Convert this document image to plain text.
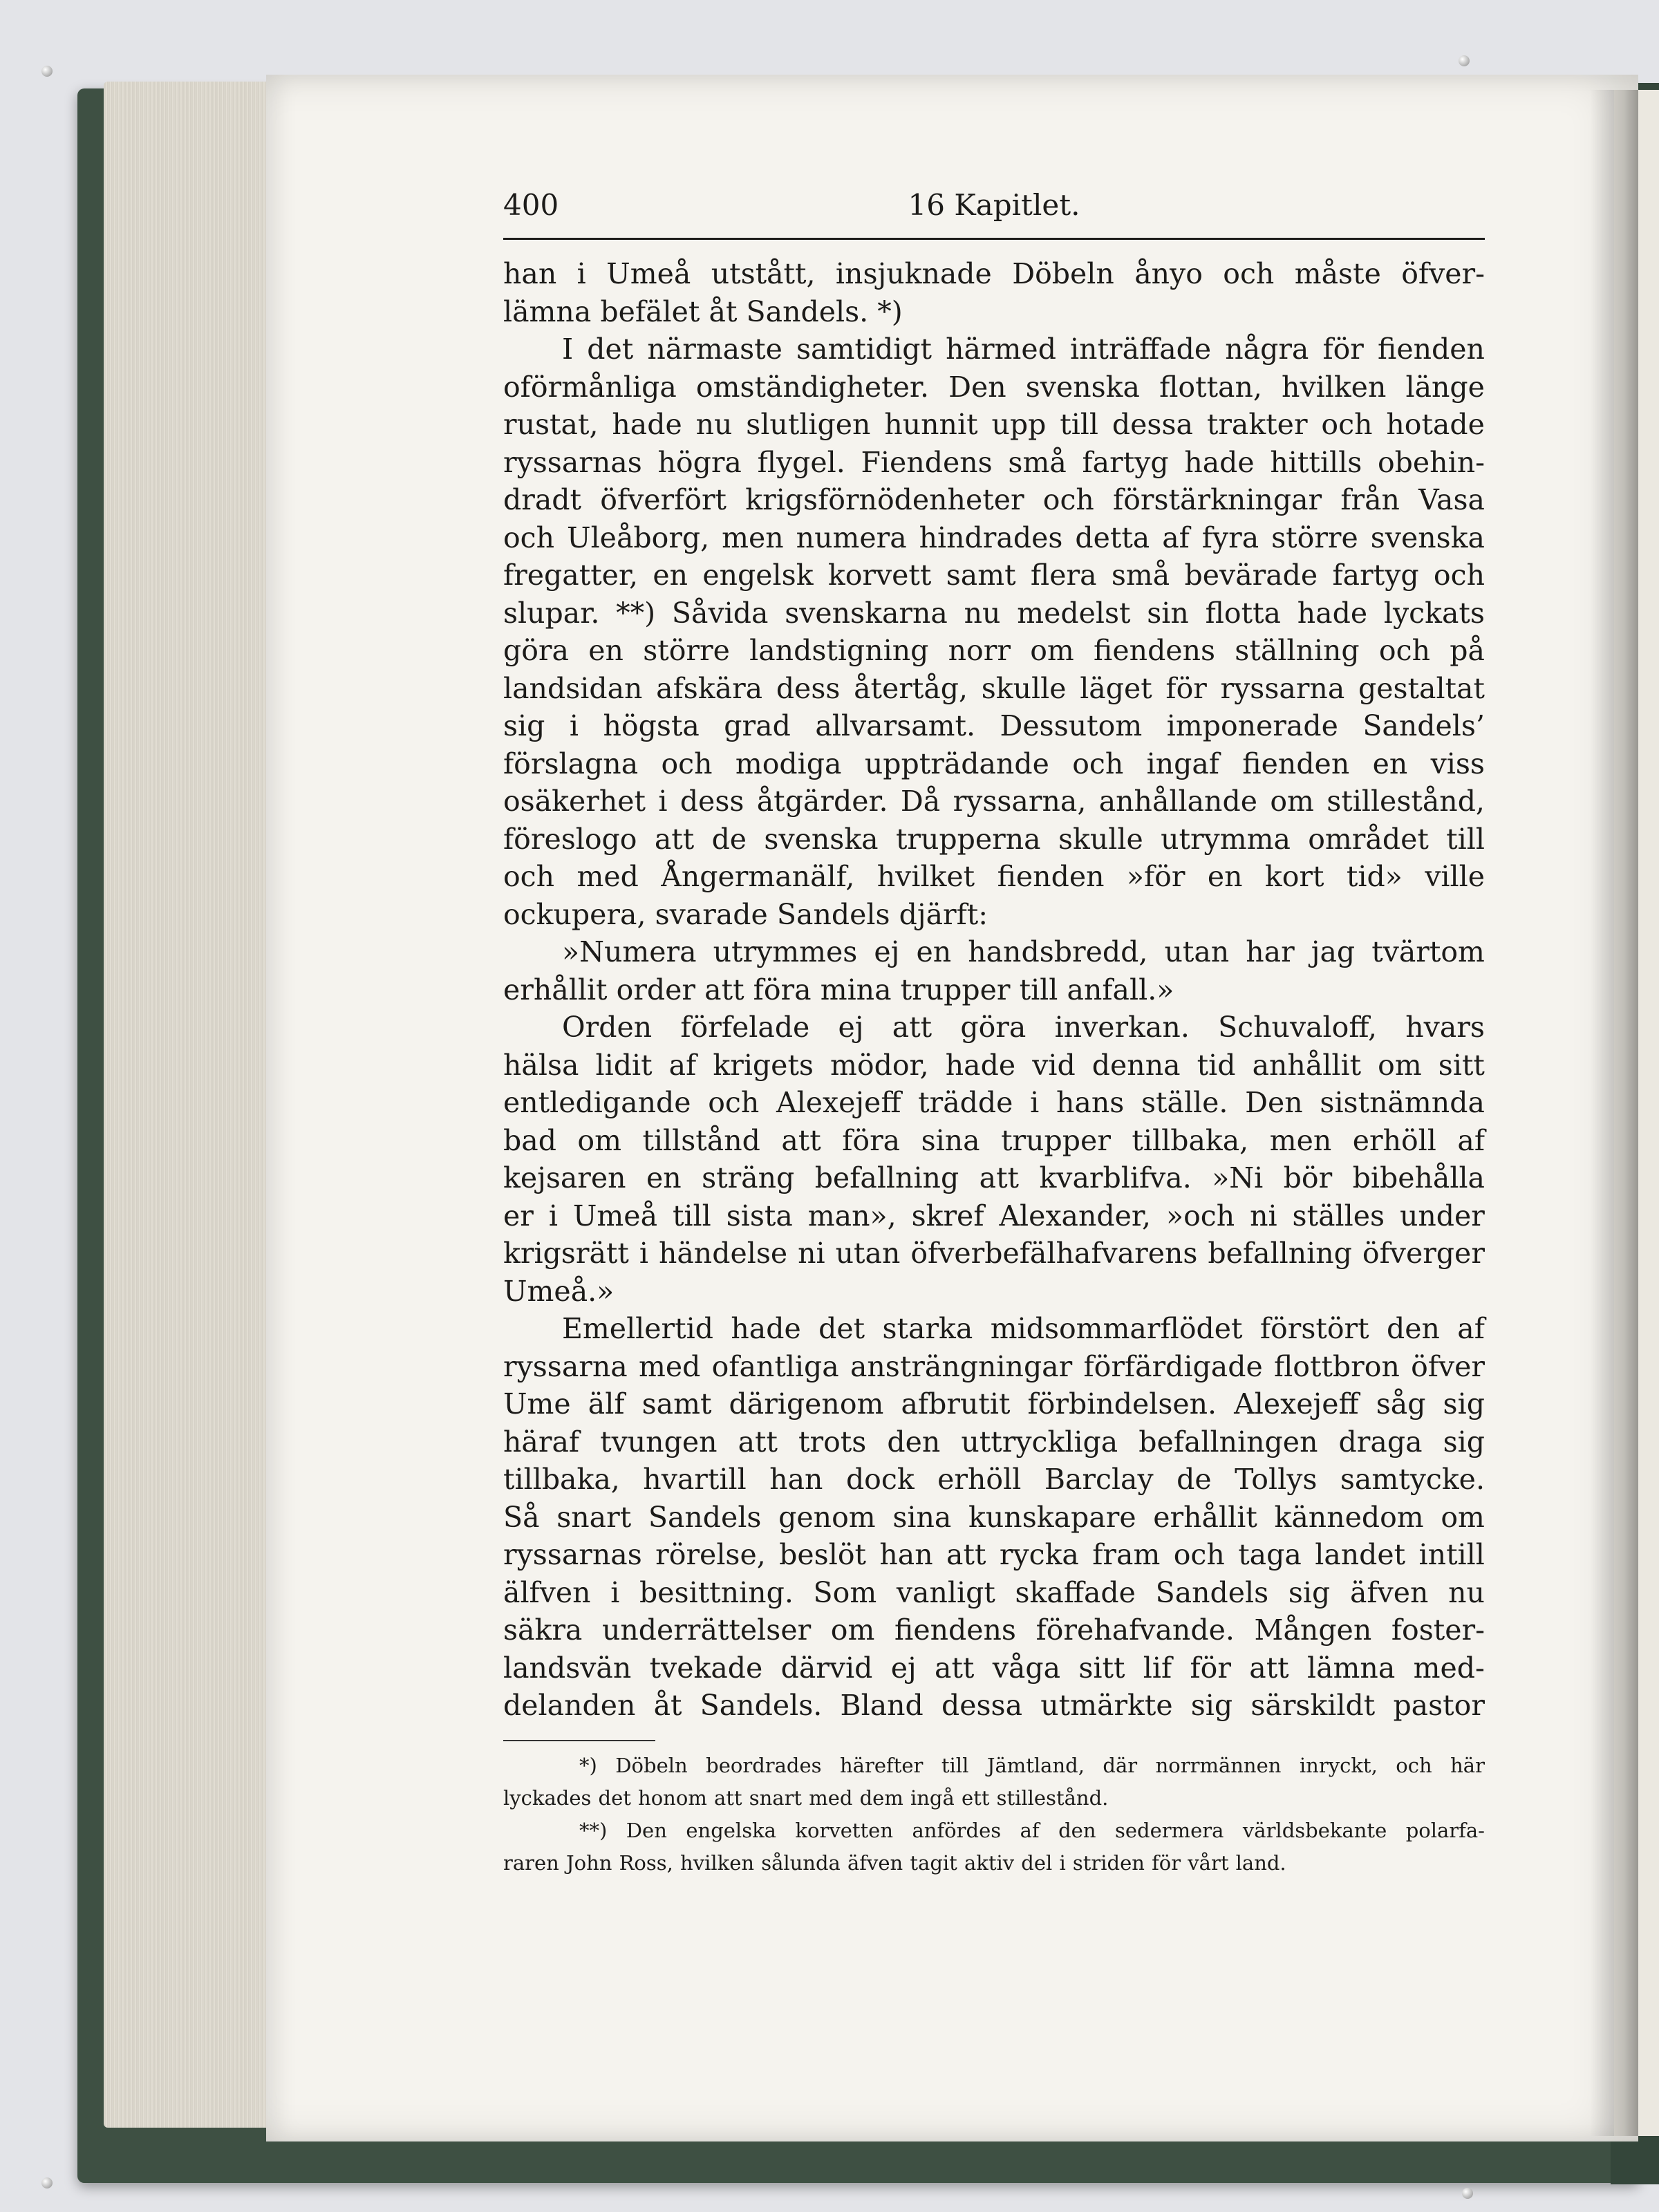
400	16 Kapitlet.
han i Umeå utstått, insjuknade Döbeln ånyo och måste öfver-
lämna befälet åt Sandels. *)
I det närmaste samtidigt härmed inträffade några för fienden
oförmånliga omständigheter. Den svenska flottan, hvilken länge
rustat, hade nu slutligen hunnit upp till dessa trakter och hotade
ryssarnas högra flygel. Fiendens små fartyg hade hittills obehin-
dradt öfverfört krigsförnödenheter och förstärkningar från Vasa
och Uleåborg, men numera hindrades detta af fyra större svenska
fregatter, en engelsk korvett samt flera små bevärade fartyg och
slupar. **) Såvida svenskarna nu medelst sin flotta hade lyckats
göra en större landstigning norr om fiendens ställning och på
landsidan afskära dess återtåg, skulle läget för ryssarna gestaltat
sig i högsta grad allvarsamt. Dessutom imponerade Sandels’
förslagna och modiga uppträdande och ingaf fienden en viss
osäkerhet i dess åtgärder. Då ryssarna, anhållande om stillestånd,
föreslogo att de svenska trupperna skulle utrymma området till
och med Ångermanälf, hvilket fienden »för en kort tid» ville
ockupera, svarade Sandels djärft:
»Numera utrymmes ej en handsbredd, utan har jag tvärtom
erhållit order att föra mina trupper till anfall.»
Orden förfelade ej att göra inverkan. Schuvaloff, hvars
hälsa lidit af krigets mödor, hade vid denna tid anhållit om sitt
entledigande och Alexejeff trädde i hans ställe. Den sistnämnda
bad om tillstånd att föra sina trupper tillbaka, men erhöll af
kejsaren en sträng befallning att kvarblifva. »Ni bör bibehålla
er i Umeå till sista man», skref Alexander, »och ni ställes under
krigsrätt i händelse ni utan öfverbefälhafvarens befallning öfverger
Umeå.»
Emellertid hade det starka midsommarflödet förstört den af
ryssarna med ofantliga ansträngningar förfärdigade flottbron öfver
Ume älf samt därigenom afbrutit förbindelsen. Alexejeff såg sig
häraf tvungen att trots den uttryckliga befallningen draga sig
tillbaka, hvartill han dock erhöll Barclay de Tollys samtycke.
Så snart Sandels genom sina kunskapare erhållit kännedom om
ryssarnas rörelse, beslöt han att rycka fram och taga landet intill
älfven i besittning. Som vanligt skaffade Sandels sig äfven nu
säkra underrättelser om fiendens förehafvande. Mången foster-
landsvän tvekade därvid ej att våga sitt lif för att lämna med-
delanden åt Sandels. Bland dessa utmärkte sig särskildt pastor
*) Döbeln beordrades härefter till Jämtland, där norrmännen inryckt, och här
lyckades det honom att snart med dem ingå ett stillestånd.
**) Den engelska korvetten anfördes af den sedermera världsbekante polarfa-
raren John Ross, hvilken sålunda äfven tagit aktiv del i striden för vårt land.
